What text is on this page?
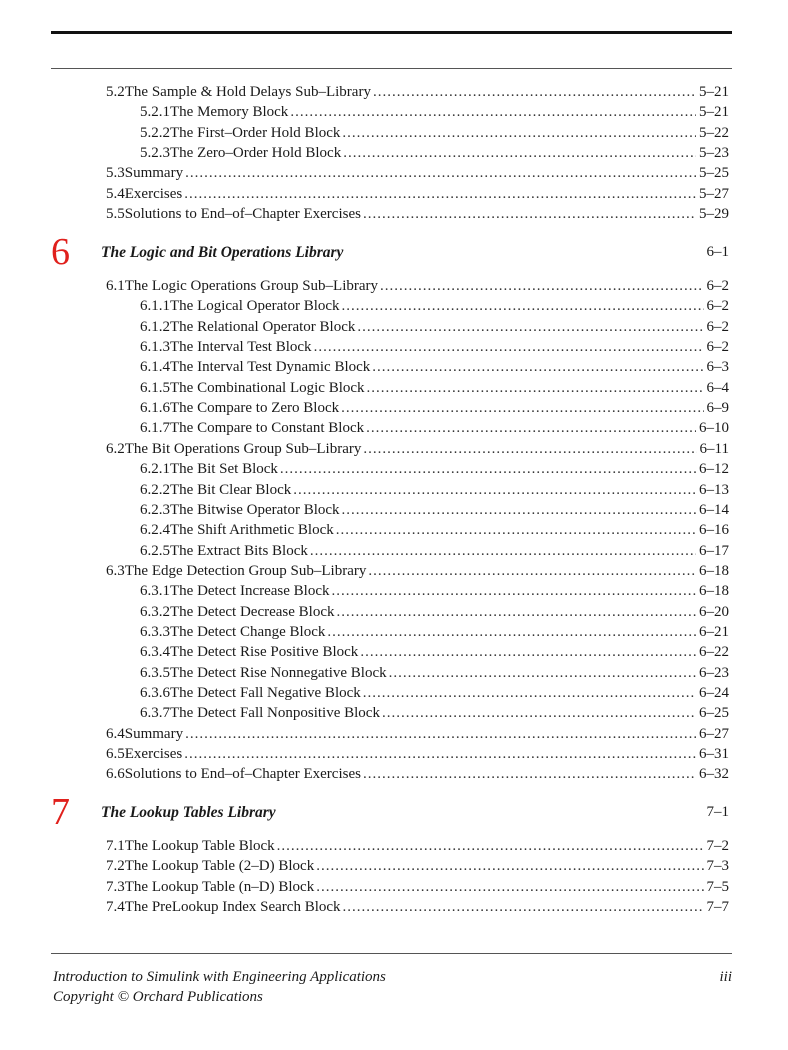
5.2 The Sample & Hold Delays Sub–Library .....	5–21
5.2.1 The Memory Block .....	5–21
5.2.2 The First–Order Hold Block .....	5–22
5.2.3 The Zero–Order Hold Block .....	5–23
5.3 Summary .....	5–25
5.4 Exercises .....	5–27
5.5 Solutions to End–of–Chapter Exercises .....	5–29
6 The Logic and Bit Operations Library	6–1
6.1 The Logic Operations Group Sub–Library .....	6–2
6.1.1 The Logical Operator Block .....	6–2
6.1.2 The Relational Operator Block .....	6–2
6.1.3 The Interval Test Block .....	6–2
6.1.4 The Interval Test Dynamic Block .....	6–3
6.1.5 The Combinational Logic Block .....	6–4
6.1.6 The Compare to Zero Block .....	6–9
6.1.7 The Compare to Constant Block .....	6–10
6.2 The Bit Operations Group Sub–Library .....	6–11
6.2.1 The Bit Set Block .....	6–12
6.2.2 The Bit Clear Block .....	6–13
6.2.3 The Bitwise Operator Block .....	6–14
6.2.4 The Shift Arithmetic Block .....	6–16
6.2.5 The Extract Bits Block .....	6–17
6.3 The Edge Detection Group Sub–Library .....	6–18
6.3.1 The Detect Increase Block .....	6–18
6.3.2 The Detect Decrease Block .....	6–20
6.3.3 The Detect Change Block .....	6–21
6.3.4 The Detect Rise Positive Block .....	6–22
6.3.5 The Detect Rise Nonnegative Block .....	6–23
6.3.6 The Detect Fall Negative Block .....	6–24
6.3.7 The Detect Fall Nonpositive Block .....	6–25
6.4 Summary .....	6–27
6.5 Exercises .....	6–31
6.6 Solutions to End–of–Chapter Exercises .....	6–32
7 The Lookup Tables Library	7–1
7.1 The Lookup Table Block .....	7–2
7.2 The Lookup Table (2–D) Block .....	7–3
7.3 The Lookup Table (n–D) Block .....	7–5
7.4 The PreLookup Index Search Block .....	7–7
Introduction to Simulink with Engineering Applications	iii
Copyright © Orchard Publications
